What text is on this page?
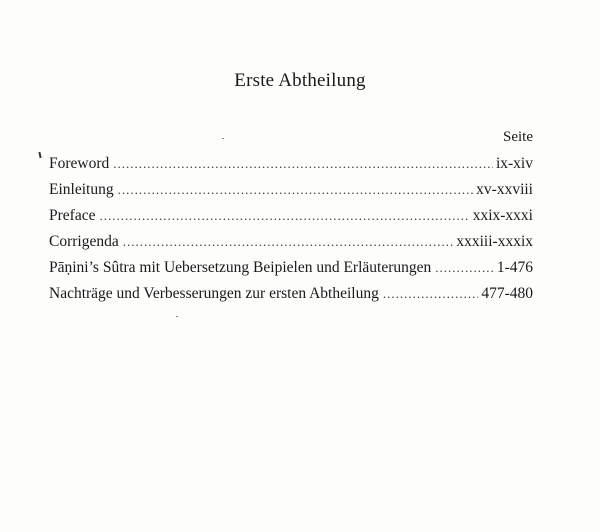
Erste Abtheilung
Seite
Foreword .....	ix-xiv
Einleitung .....	xv-xxviii
Preface .....	xxix-xxxi
Corrigenda .....	xxxiii-xxxix
Pāṇini’s Sûtra mit Uebersetzung Beipielen und Erläuterungen .....	1-476
Nachträge und Verbesserungen zur ersten Abtheilung .....	477-480
